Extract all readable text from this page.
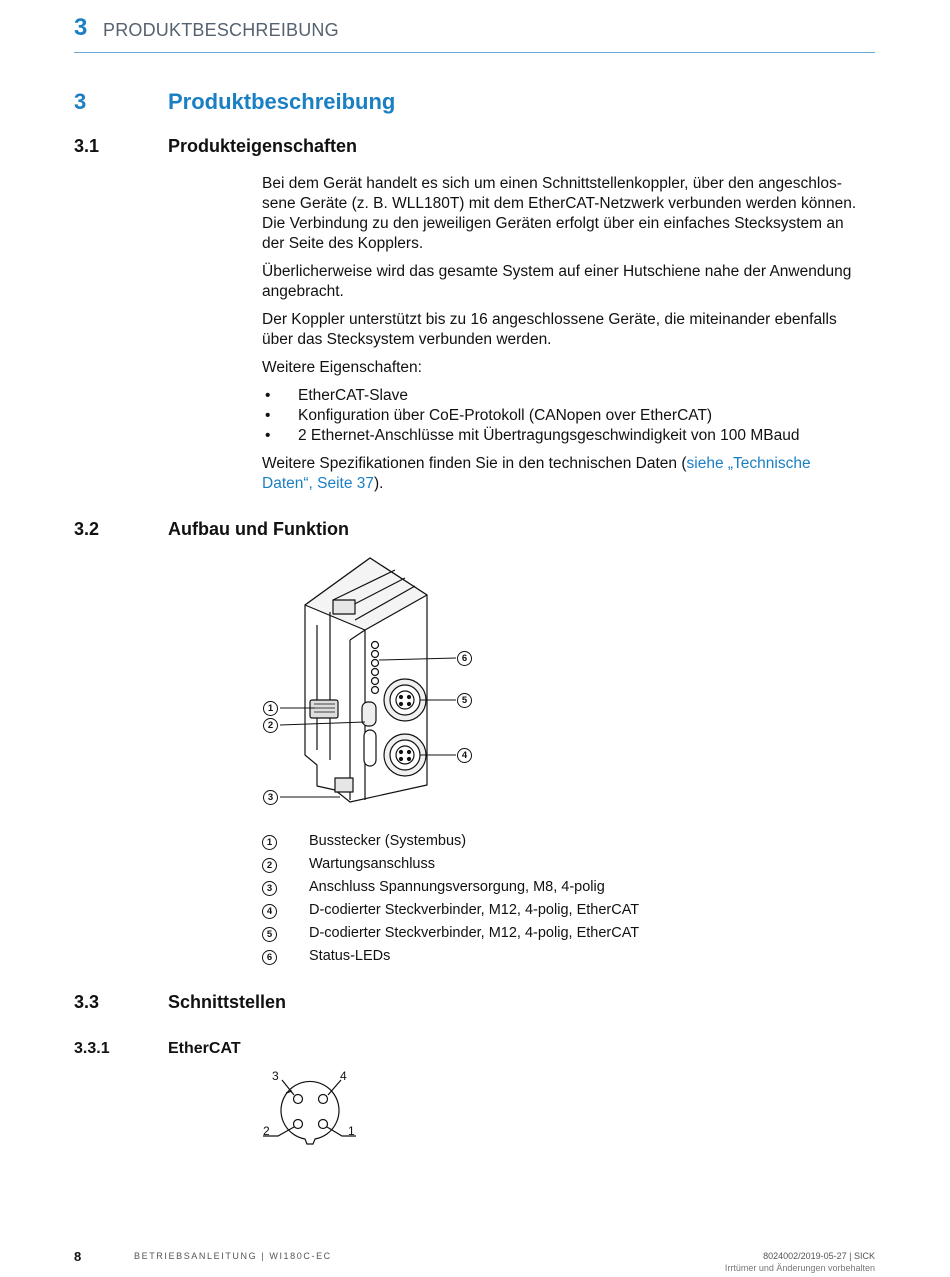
3 PRODUKTBESCHREIBUNG
3	Produktbeschreibung
3.1	Produkteigenschaften

Bei dem Gerät handelt es sich um einen Schnittstellenkoppler, über den angeschlos-
sene Geräte (z. B. WLL180T) mit dem EtherCAT-Netzwerk verbunden werden können.
Die Verbindung zu den jeweiligen Geräten erfolgt über ein einfaches Stecksystem an
der Seite des Kopplers.

Überlicherweise wird das gesamte System auf einer Hutschiene nahe der Anwendung
angebracht.

Der Koppler unterstützt bis zu 16 angeschlossene Geräte, die miteinander ebenfalls
über das Stecksystem verbunden werden.

Weitere Eigenschaften:

• EtherCAT-Slave
• Konfiguration über CoE-Protokoll (CANopen over EtherCAT)
• 2 Ethernet-Anschlüsse mit Übertragungsgeschwindigkeit von 100 MBaud

Weitere Spezifikationen finden Sie in den technischen Daten (siehe „Technische
Daten“, Seite 37).

3.2	Aufbau und Funktion
1
2
3
6
5
4
1	Busstecker (Systembus)
2	Wartungsanschluss
3	Anschluss Spannungsversorgung, M8, 4-polig
4	D-codierter Steckverbinder, M12, 4-polig, EtherCAT
5	D-codierter Steckverbinder, M12, 4-polig, EtherCAT
6	Status-LEDs
3.3	Schnittstellen
3.3.1	EtherCAT
3	4
2	1
8	BETRIEBSANLEITUNG | WI180C-EC	8024002/2019-05-27 | SICK
Irrtümer und Änderungen vorbehalten
